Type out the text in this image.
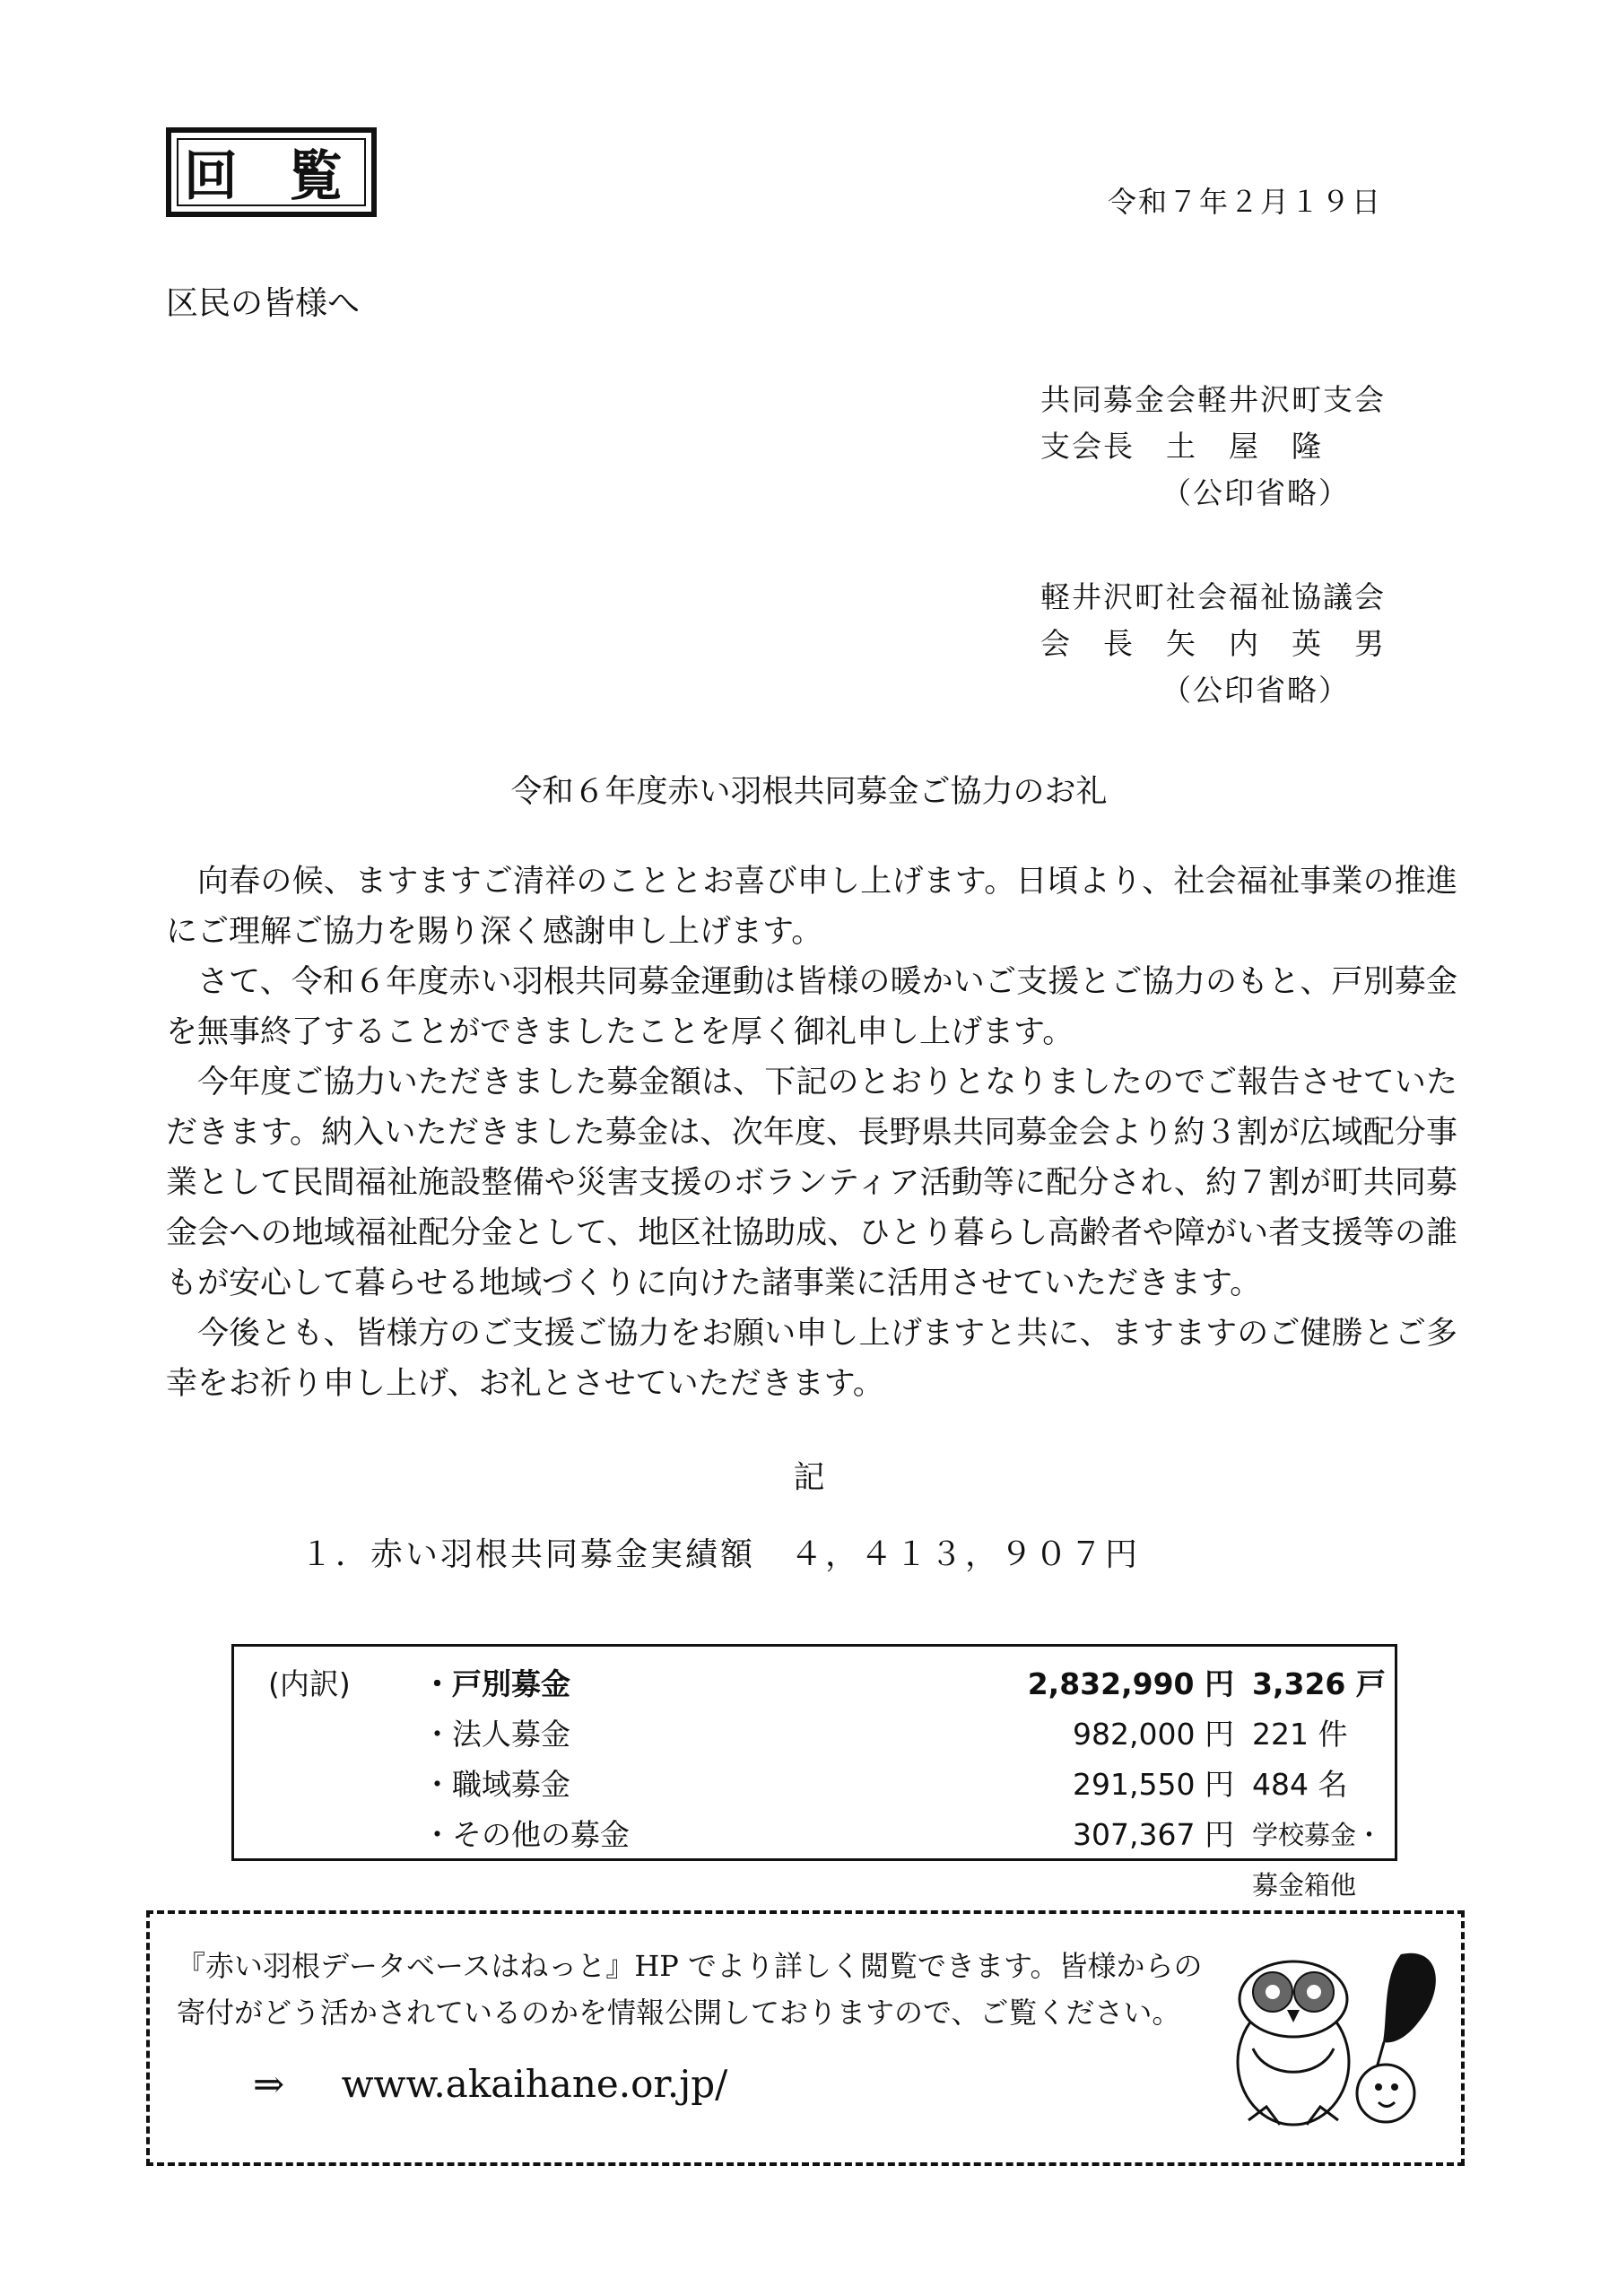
回 覧	令和７年２月１９日
区民の皆様へ
共同募金会軽井沢町支会
支会長　土　屋　隆
（公印省略）
軽井沢町社会福祉協議会
会　長　矢　内　英　男
（公印省略）
令和６年度赤い羽根共同募金ご協力のお礼

向春の候、ますますご清祥のこととお喜び申し上げます。日頃より、社会福祉事業の推進にご理解ご協力を賜り深く感謝申し上げます。

さて、令和６年度赤い羽根共同募金運動は皆様の暖かいご支援とご協力のもと、戸別募金を無事終了することができましたことを厚く御礼申し上げます。

今年度ご協力いただきました募金額は、下記のとおりとなりましたのでご報告させていただきます。納入いただきました募金は、次年度、長野県共同募金会より約３割が広域配分事業として民間福祉施設整備や災害支援のボランティア活動等に配分され、約７割が町共同募金会への地域福祉配分金として、地区社協助成、ひとり暮らし高齢者や障がい者支援等の誰もが安心して暮らせる地域づくりに向けた諸事業に活用させていただきます。

今後とも、皆様方のご支援ご協力をお願い申し上げますと共に、ますますのご健勝とご多幸をお祈り申し上げ、お礼とさせていただきます。

記
１．赤い羽根共同募金実績額　４，４１３，９０７円
(内訳) ・戸別募金	2,832,990 円 3,326 戸
・法人募金	982,000 円 221 件
・職域募金	291,550 円 484 名
・その他の募金	307,367 円 学校募金・募金箱他

『赤い羽根データベースはねっと』HP でより詳しく閲覧できます。皆様からの

寄付がどう活かされているのかを情報公開しておりますので、ご覧ください。

⇒ www.akaihane.or.jp/
